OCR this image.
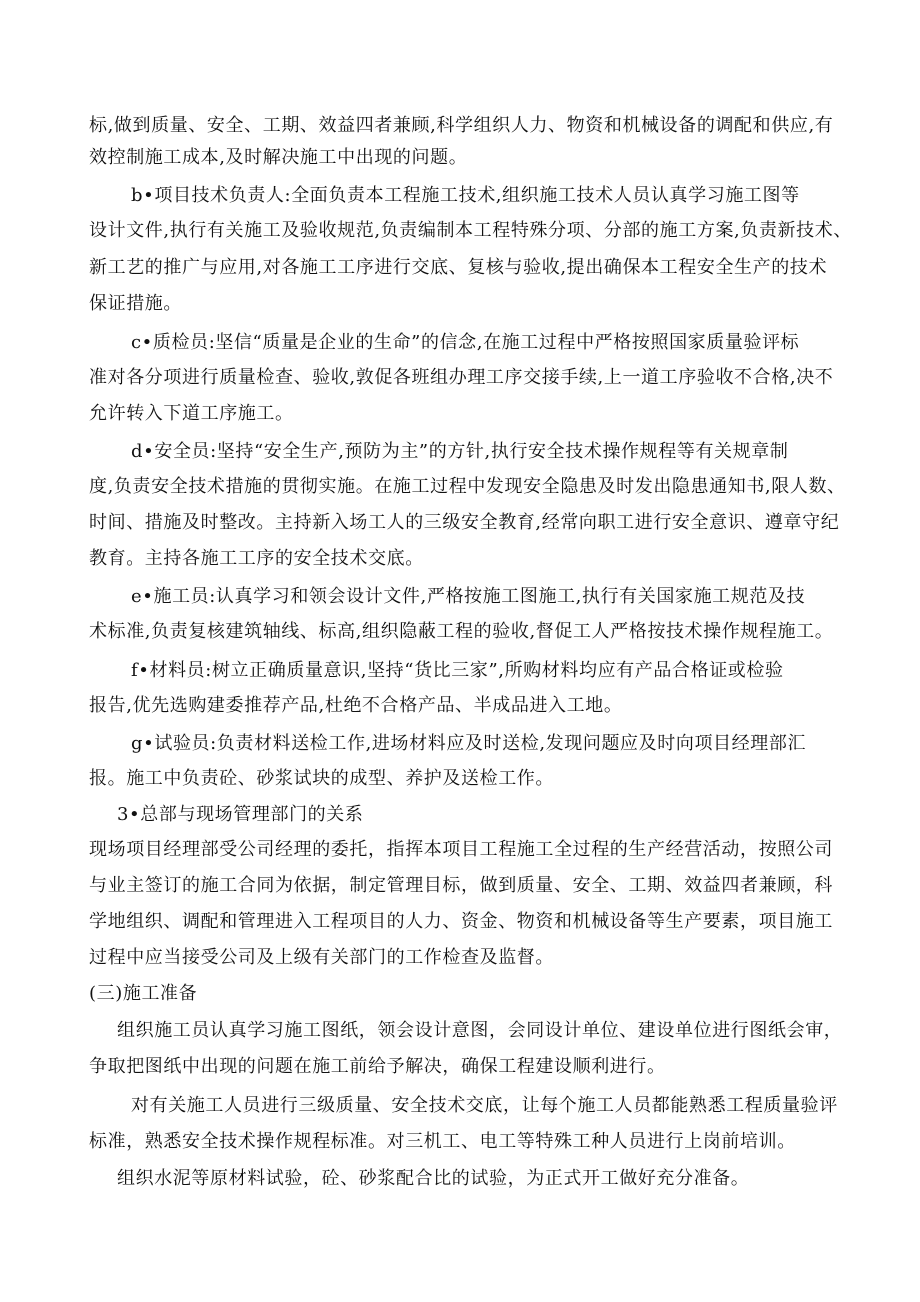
标,做到质量、安全、工期、效益四者兼顾,科学组织人力、物资和机械设备的调配和供应,有

效控制施工成本,及时解决施工中出现的问题。

b•项目技术负责人:全面负责本工程施工技术,组织施工技术人员认真学习施工图等

设计文件,执行有关施工及验收规范,负责编制本工程特殊分项、分部的施工方案,负责新技术、

新工艺的推广与应用,对各施工工序进行交底、复核与验收,提出确保本工程安全生产的技术

保证措施。

c•质检员:坚信“质量是企业的生命”的信念,在施工过程中严格按照国家质量验评标

准对各分项进行质量检查、验收,敦促各班组办理工序交接手续,上一道工序验收不合格,决不

允许转入下道工序施工。

d•安全员:坚持“安全生产,预防为主”的方针,执行安全技术操作规程等有关规章制

度,负责安全技术措施的贯彻实施。在施工过程中发现安全隐患及时发出隐患通知书,限人数、

时间、措施及时整改。主持新入场工人的三级安全教育,经常向职工进行安全意识、遵章守纪

教育。主持各施工工序的安全技术交底。

e•施工员:认真学习和领会设计文件,严格按施工图施工,执行有关国家施工规范及技

术标准,负责复核建筑轴线、标高,组织隐蔽工程的验收,督促工人严格按技术操作规程施工。

f•材料员:树立正确质量意识,坚持“货比三家”,所购材料均应有产品合格证或检验

报告,优先选购建委推荐产品,杜绝不合格产品、半成品进入工地。

g•试验员:负责材料送检工作,进场材料应及时送检,发现问题应及时向项目经理部汇

报。施工中负责砼、砂浆试块的成型、养护及送检工作。

3•总部与现场管理部门的关系

现场项目经理部受公司经理的委托，指挥本项目工程施工全过程的生产经营活动，按照公司

与业主签订的施工合同为依据，制定管理目标，做到质量、安全、工期、效益四者兼顾，科

学地组织、调配和管理进入工程项目的人力、资金、物资和机械设备等生产要素，项目施工

过程中应当接受公司及上级有关部门的工作检查及监督。

(三)施工准备

组织施工员认真学习施工图纸，领会设计意图，会同设计单位、建设单位进行图纸会审，

争取把图纸中出现的问题在施工前给予解决，确保工程建设顺利进行。

对有关施工人员进行三级质量、安全技术交底，让每个施工人员都能熟悉工程质量验评

标准，熟悉安全技术操作规程标准。对三机工、电工等特殊工种人员进行上岗前培训。

组织水泥等原材料试验，砼、砂浆配合比的试验，为正式开工做好充分准备。
